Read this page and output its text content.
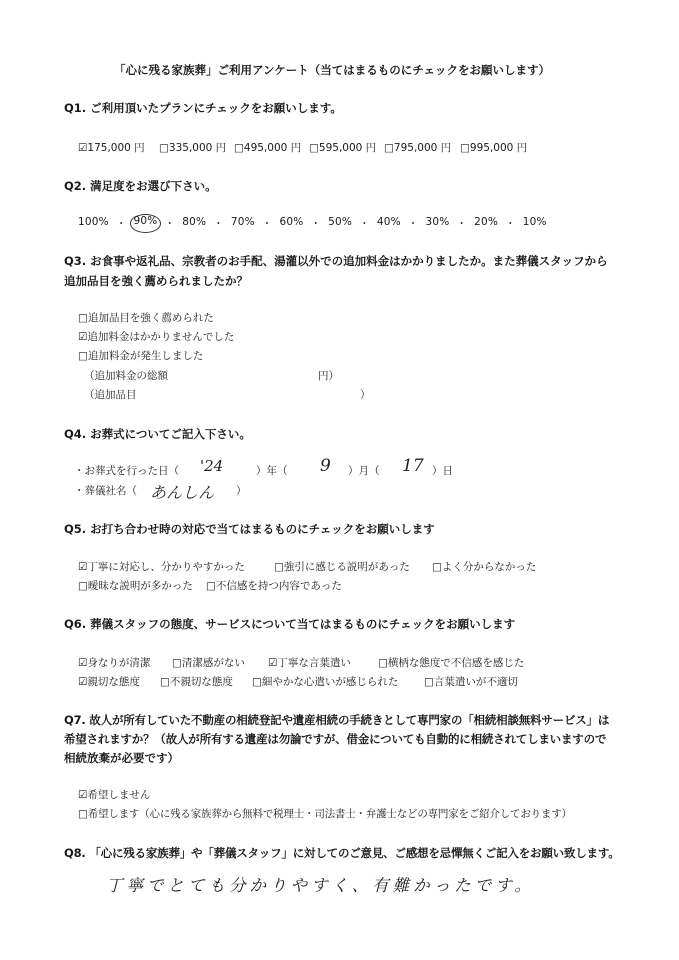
「心に残る家族葬」ご利用アンケート（当てはまるものにチェックをお願いします）
Q1. ご利用頂いたプランにチェックをお願いします。
☑175,000 円 □335,000 円 □495,000 円 □595,000 円 □795,000 円 □995,000 円
Q2. 満足度をお選び下さい。
100% ・ 90% ・ 80% ・ 70% ・ 60% ・ 50% ・ 40% ・ 30% ・ 20% ・ 10%
Q3. お食事や返礼品、宗教者のお手配、湯灌以外での追加料金はかかりましたか。また葬儀スタッフから
追加品目を強く薦められましたか？
□追加品目を強く薦められた
☑追加料金はかかりませんでした
□追加料金が発生しました
（追加料金の総額	円）
（追加品目	）
Q4. お葬式についてご記入下さい。
・お葬式を行った日（ '24	）年（ 9 ）月（ 17 ）日
・葬儀社名（ あんしん ）
Q5. お打ち合わせ時の対応で当てはまるものにチェックをお願いします
☑丁寧に対応し、分かりやすかった	□強引に感じる説明があった □よく分からなかった
□曖昧な説明が多かった □不信感を持つ内容であった
Q6. 葬儀スタッフの態度、サービスについて当てはまるものにチェックをお願いします
☑身なりが清潔 □清潔感がない ☑丁寧な言葉遣い	□横柄な態度で不信感を感じた
☑親切な態度 □不親切な態度 □細やかな心遣いが感じられた □言葉遣いが不適切
Q7. 故人が所有していた不動産の相続登記や遺産相続の手続きとして専門家の「相続相談無料サービス」は
希望されますか？（故人が所有する遺産は勿論ですが、借金についても自動的に相続されてしまいますので
相続放棄が必要です）
☑希望しません
□希望します（心に残る家族葬から無料で税理士・司法書士・弁護士などの専門家をご紹介しております）
Q8. 「心に残る家族葬」や「葬儀スタッフ」に対してのご意見、ご感想を忌憚無くご記入をお願い致します。
丁寧でとても分かりやすく、有難かったです。
